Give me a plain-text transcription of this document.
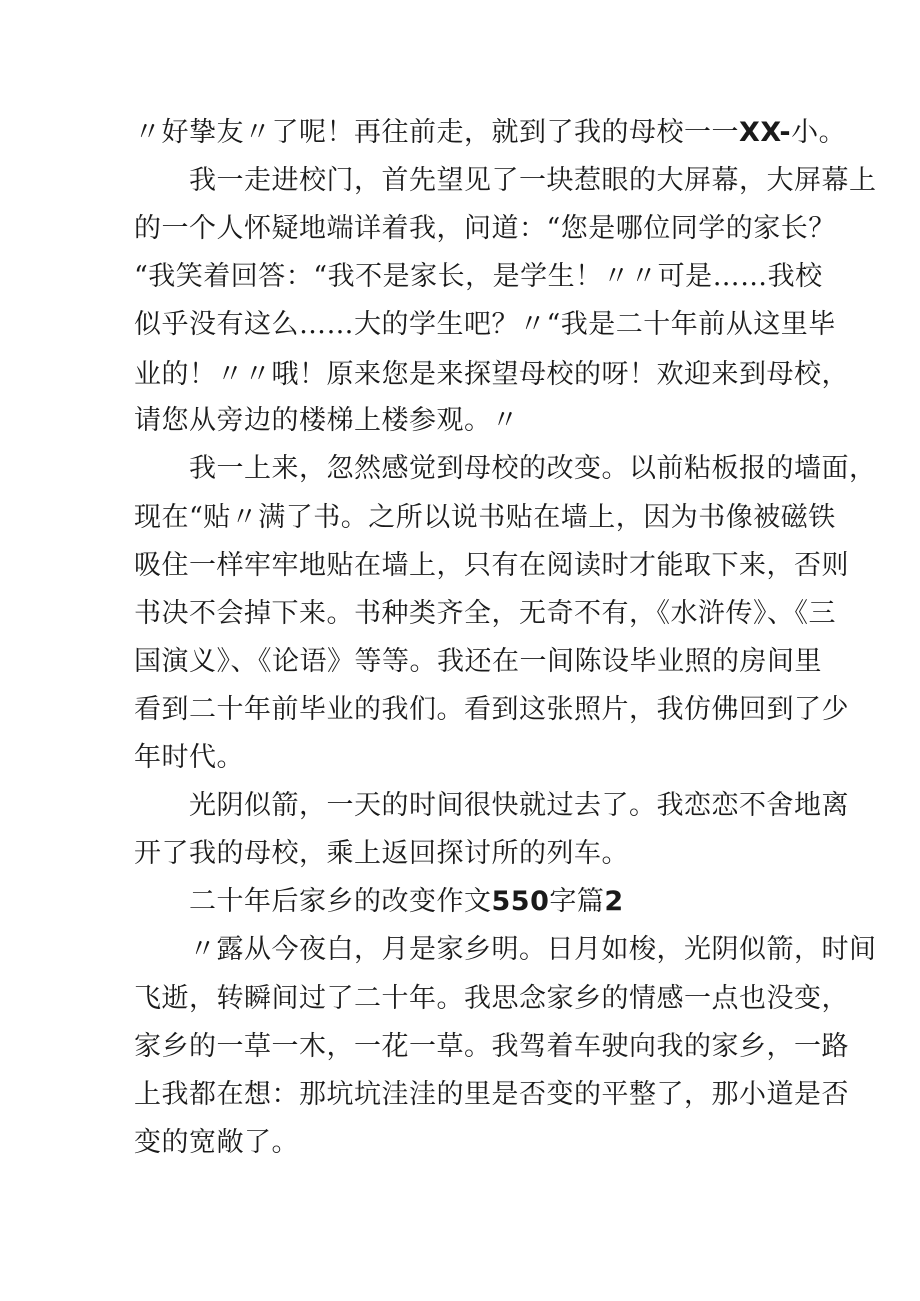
〃好挚友〃了呢！再往前走，就到了我的母校一一XX-小。
我一走进校门，首先望见了一块惹眼的大屏幕，大屏幕上
的一个人怀疑地端详着我，问道：“您是哪位同学的家长？
“我笑着回答：“我不是家长，是学生！〃〃可是……我校
似乎没有这么……大的学生吧？〃“我是二十年前从这里毕
业的！〃〃哦！原来您是来探望母校的呀！欢迎来到母校，
请您从旁边的楼梯上楼参观。〃
我一上来，忽然感觉到母校的改变。以前粘板报的墙面，
现在“贴〃满了书。之所以说书贴在墙上，因为书像被磁铁
吸住一样牢牢地贴在墙上，只有在阅读时才能取下来，否则
书决不会掉下来。书种类齐全，无奇不有，《水浒传》、《三
国演义》、《论语》等等。我还在一间陈设毕业照的房间里
看到二十年前毕业的我们。看到这张照片，我仿佛回到了少
年时代。
光阴似箭，一天的时间很快就过去了。我恋恋不舍地离
开了我的母校，乘上返回探讨所的列车。
二十年后家乡的改变作文550字篇2
〃露从今夜白，月是家乡明。日月如梭，光阴似箭，时间
飞逝，转瞬间过了二十年。我思念家乡的情感一点也没变，
家乡的一草一木，一花一草。我驾着车驶向我的家乡，一路
上我都在想：那坑坑洼洼的里是否变的平整了，那小道是否
变的宽敞了。
